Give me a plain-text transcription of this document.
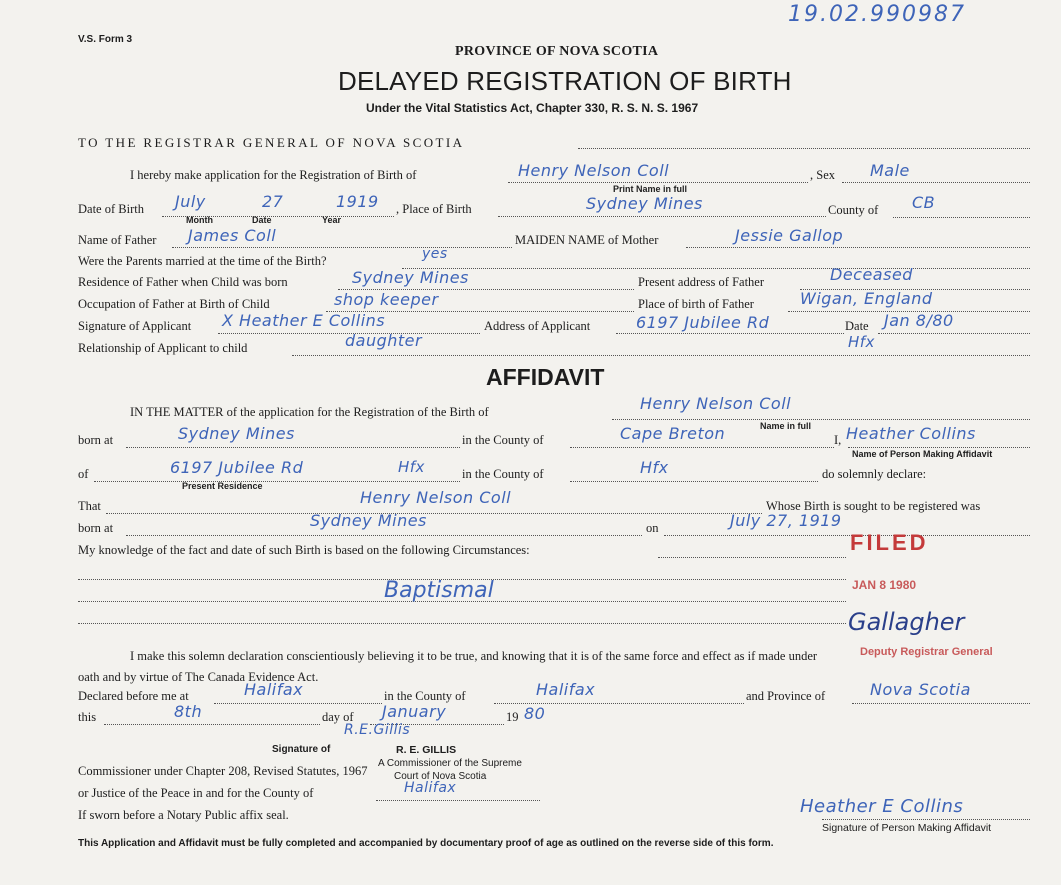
19.02.990987
V.S. Form 3
PROVINCE OF NOVA SCOTIA
DELAYED REGISTRATION OF BIRTH
Under the Vital Statistics Act, Chapter 330, R. S. N. S. 1967
TO THE REGISTRAR GENERAL OF NOVA SCOTIA
I hereby make application for the Registration of Birth of	Henry Nelson Coll	, Sex Male
Print Name in full
Date of Birth July	27	1919 , Place of Birth	Sydney Mines	County of CB
Month	Date	Year
Name of Father James Coll	MAIDEN NAME of Mother	Jessie Gallop
Were the Parents married at the time of the Birth?	yes
Residence of Father when Child was born	Sydney Mines	Present address of Father	Deceased
Occupation of Father at Birth of Child	shop keeper	Place of birth of Father	Wigan, England
Signature of Applicant X Heather E Collins	Address of Applicant	6197 Jubilee Rd	Date Jan 8/80
Relationship of Applicant to child	daughter	Hfx
AFFIDAVIT
IN THE MATTER of the application for the Registration of the Birth of	Henry Nelson Coll
Name in full
born at	Sydney Mines	in the County of	Cape Breton	I, Heather Collins
Name of Person Making Affidavit
of	6197 Jubilee Rd	Hfx	in the County of	Hfx	do solemnly declare:
Present Residence
That	Henry Nelson Coll	Whose Birth is sought to be registered was
born at	Sydney Mines	on	July 27, 1919
My knowledge of the fact and date of such Birth is based on the following Circumstances:
Baptismal
I make this solemn declaration conscientiously believing it to be true, and knowing that it is of the same force and effect as if made under
oath and by virtue of The Canada Evidence Act.
Declared before me at	Halifax	in the County of	Halifax	and Province of	Nova Scotia
this	8th	day of January	19 80
R.E.Gillis
Signature of	R. E. GILLIS
A Commissioner of the Supreme
Court of Nova Scotia
Commissioner under Chapter 208, Revised Statutes, 1967
or Justice of the Peace in and for the County of	Halifax
If sworn before a Notary Public affix seal.	Heather E Collins
Signature of Person Making Affidavit
FILED
JAN 8 1980
Gallagher
Deputy Registrar General
This Application and Affidavit must be fully completed and accompanied by documentary proof of age as outlined on the reverse side of this form.
